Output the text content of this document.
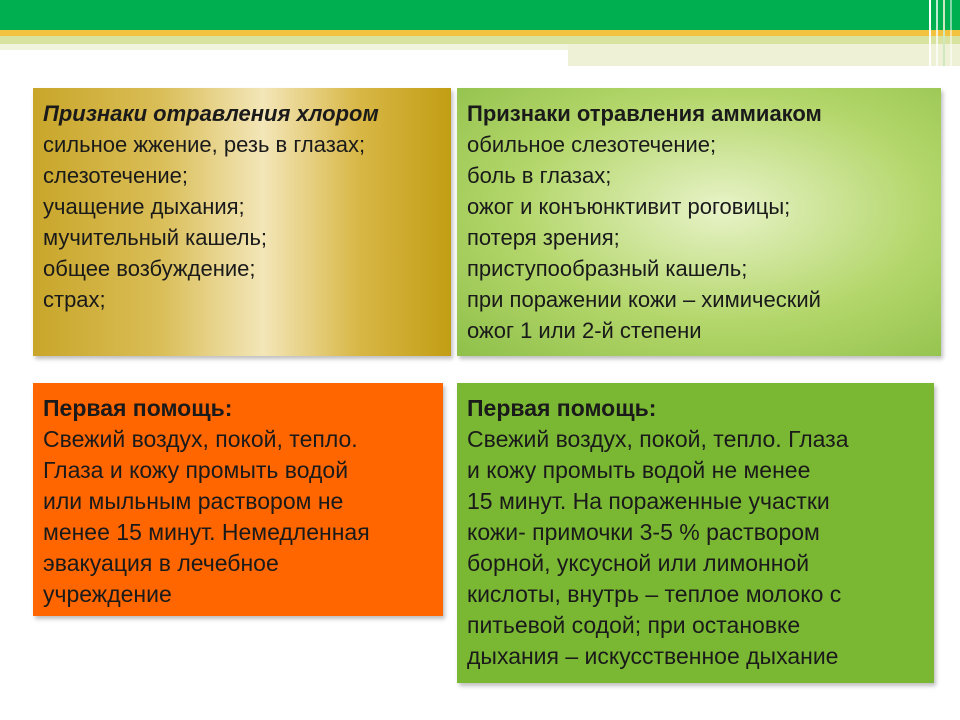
Признаки отравления хлором
сильное жжение, резь в глазах;
слезотечение;
учащение дыхания;
мучительный кашель;
общее возбуждение;
страх;
Признаки отравления аммиаком
обильное слезотечение;
боль в глазах;
ожог и конъюнктивит роговицы;
потеря зрения;
приступообразный кашель;
при поражении кожи – химический
ожог 1 или 2-й степени
Первая помощь:
Свежий воздух, покой, тепло.
Глаза и кожу промыть водой
или мыльным раствором не
менее 15 минут. Немедленная
эвакуация в лечебное
учреждение
Первая помощь:
Свежий воздух, покой, тепло. Глаза
и кожу промыть водой не менее
15 минут. На пораженные участки
кожи- примочки 3-5 % раствором
борной, уксусной или лимонной
кислоты, внутрь – теплое молоко с
питьевой содой; при остановке
дыхания – искусственное дыхание
